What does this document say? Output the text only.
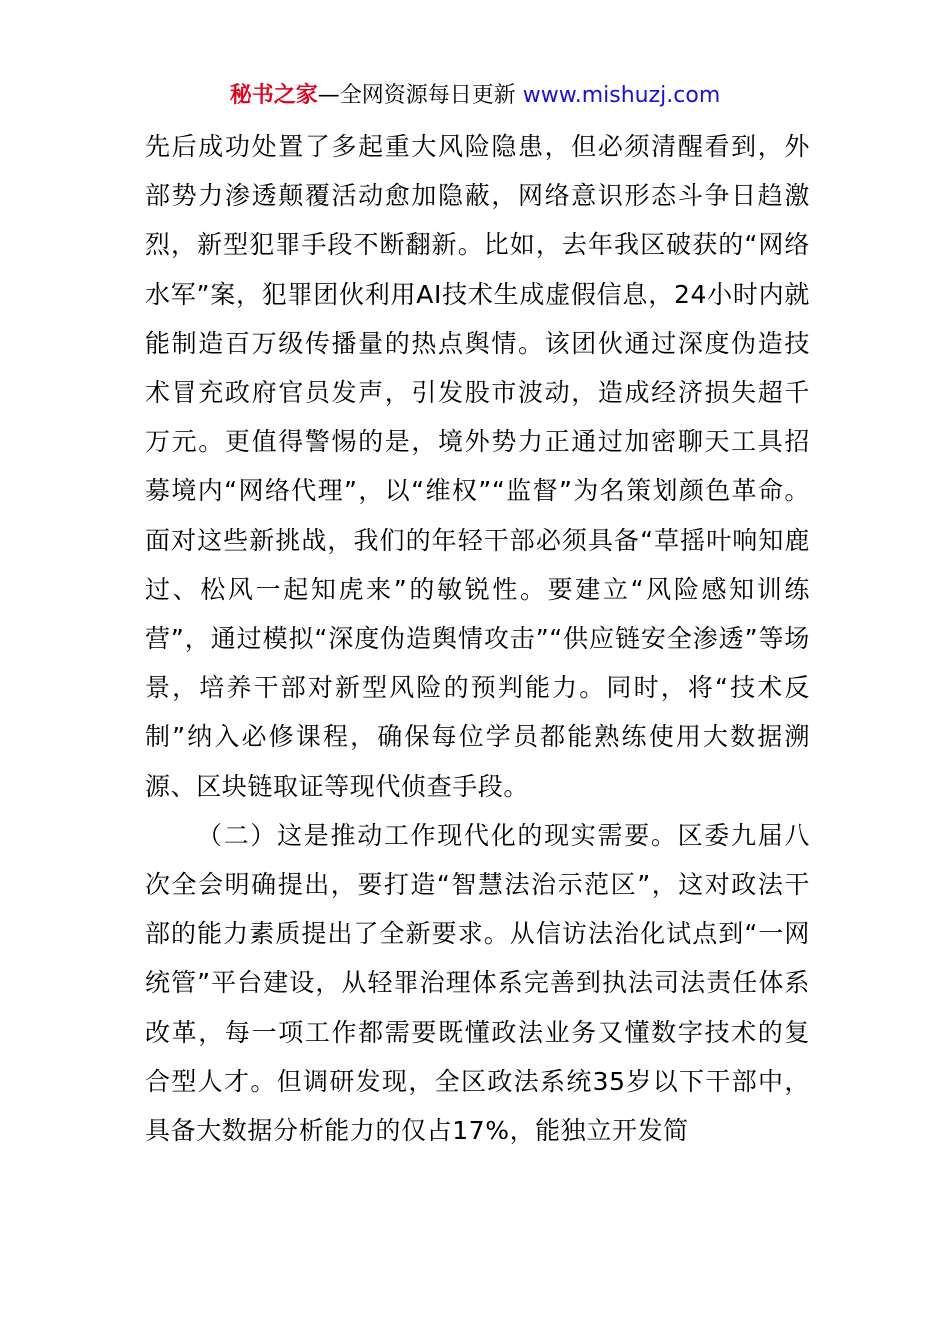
秘书之家—全网资源每日更新 www.mishuzj.com

先后成功处置了多起重大风险隐患，但必须清醒看到，外部势力渗透颠覆活动愈加隐蔽，网络意识形态斗争日趋激烈，新型犯罪手段不断翻新。比如，去年我区破获的“网络水军”案，犯罪团伙利用AI技术生成虚假信息，24小时内就能制造百万级传播量的热点舆情。该团伙通过深度伪造技术冒充政府官员发声，引发股市波动，造成经济损失超千万元。更值得警惕的是，境外势力正通过加密聊天工具招募境内“网络代理”，以“维权”“监督”为名策划颜色革命。面对这些新挑战，我们的年轻干部必须具备“草摇叶响知鹿过、松风一起知虎来”的敏锐性。要建立“风险感知训练营”，通过模拟“深度伪造舆情攻击”“供应链安全渗透”等场景，培养干部对新型风险的预判能力。同时，将“技术反制”纳入必修课程，确保每位学员都能熟练使用大数据溯源、区块链取证等现代侦查手段。

（二）这是推动工作现代化的现实需要。区委九届八次全会明确提出，要打造“智慧法治示范区”，这对政法干部的能力素质提出了全新要求。从信访法治化试点到“一网统管”平台建设，从轻罪治理体系完善到执法司法责任体系改革，每一项工作都需要既懂政法业务又懂数字技术的复合型人才。但调研发现，全区政法系统35岁以下干部中，具备大数据分析能力的仅占17%，能独立开发简
